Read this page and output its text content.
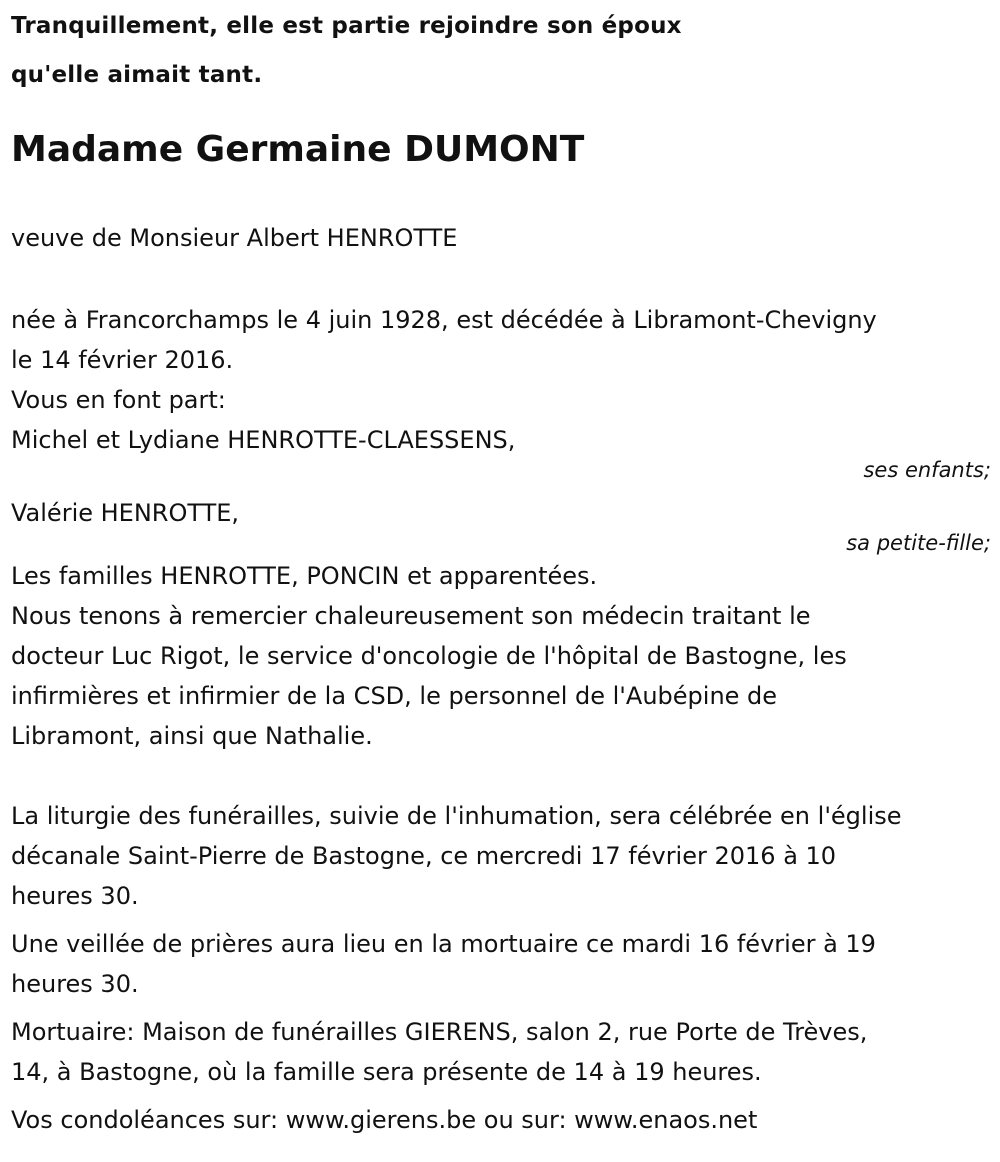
Tranquillement, elle est partie rejoindre son époux
qu'elle aimait tant.
Madame Germaine DUMONT

veuve de Monsieur Albert HENROTTE

née à Francorchamps le 4 juin 1928, est décédée à Libramont-Chevigny

le 14 février 2016.

Vous en font part:

Michel et Lydiane HENROTTE-CLAESSENS,

ses enfants;

Valérie HENROTTE,

sa petite-fille;

Les familles HENROTTE, PONCIN et apparentées.

Nous tenons à remercier chaleureusement son médecin traitant le

docteur Luc Rigot, le service d'oncologie de l'hôpital de Bastogne, les

infirmières et infirmier de la CSD, le personnel de l'Aubépine de

Libramont, ainsi que Nathalie.

La liturgie des funérailles, suivie de l'inhumation, sera célébrée en l'église

décanale Saint-Pierre de Bastogne, ce mercredi 17 février 2016 à 10

heures 30.

Une veillée de prières aura lieu en la mortuaire ce mardi 16 février à 19

heures 30.

Mortuaire: Maison de funérailles GIERENS, salon 2, rue Porte de Trèves,

14, à Bastogne, où la famille sera présente de 14 à 19 heures.

Vos condoléances sur: www.gierens.be ou sur: www.enaos.net
